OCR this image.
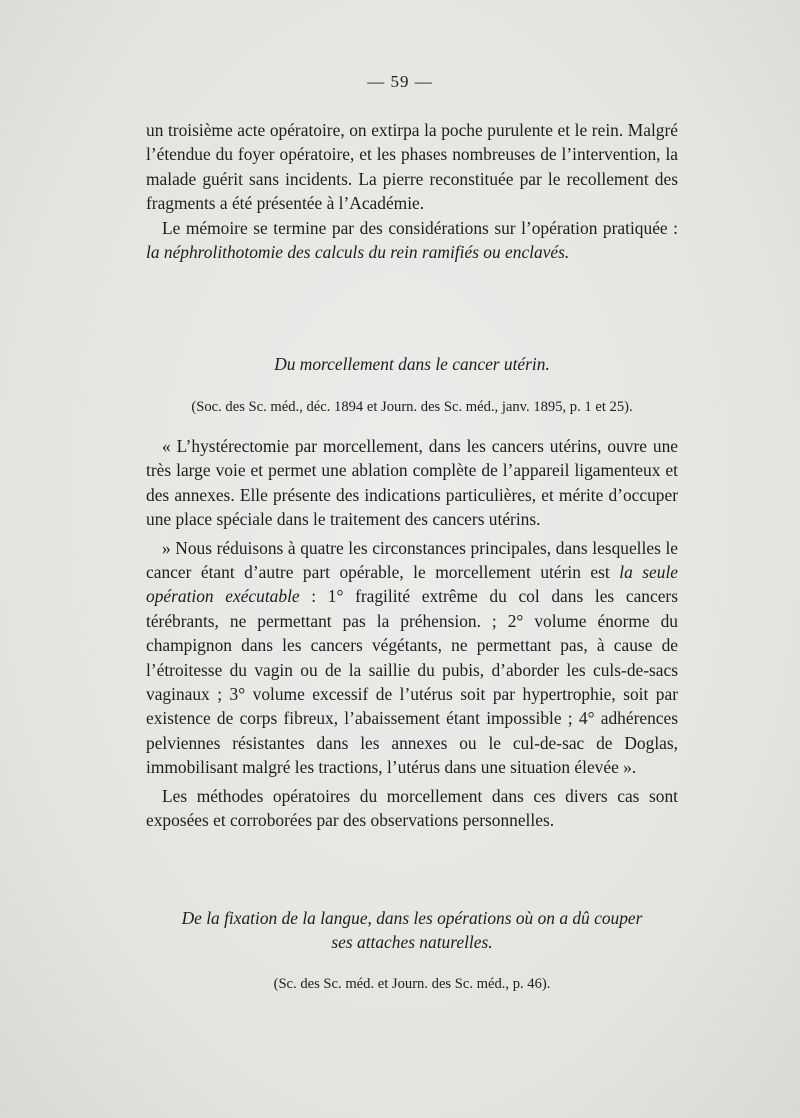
— 59 —

un troisième acte opératoire, on extirpa la poche purulente et le rein. Malgré l’étendue du foyer opératoire, et les phases nombreuses de l’intervention, la malade guérit sans incidents. La pierre reconstituée par le recollement des fragments a été présentée à l’Académie.

Le mémoire se termine par des considérations sur l’opération pratiquée : la néphrolithotomie des calculs du rein ramifiés ou enclavés.

Du morcellement dans le cancer utérin.
(Soc. des Sc. méd., déc. 1894 et Journ. des Sc. méd., janv. 1895, p. 1 et 25).

« L’hystérectomie par morcellement, dans les cancers utérins, ouvre une très large voie et permet une ablation complète de l’appareil ligamenteux et des annexes. Elle présente des indications particulières, et mérite d’occuper une place spéciale dans le traitement des cancers utérins.

» Nous réduisons à quatre les circonstances principales, dans lesquelles le cancer étant d’autre part opérable, le morcellement utérin est la seule opération exécutable : 1° fragilité extrême du col dans les cancers térébrants, ne permettant pas la préhension. ; 2° volume énorme du champignon dans les cancers végétants, ne permettant pas, à cause de l’étroitesse du vagin ou de la saillie du pubis, d’aborder les culs-de-sacs vaginaux ; 3° volume excessif de l’utérus soit par hypertrophie, soit par existence de corps fibreux, l’abaissement étant impossible ; 4° adhérences pelviennes résistantes dans les annexes ou le cul-de-sac de Doglas, immobilisant malgré les tractions, l’utérus dans une situation élevée ».

Les méthodes opératoires du morcellement dans ces divers cas sont exposées et corroborées par des observations personnelles.

De la fixation de la langue, dans les opérations où on a dû couper
ses attaches naturelles.
(Sc. des Sc. méd. et Journ. des Sc. méd., p. 46).
